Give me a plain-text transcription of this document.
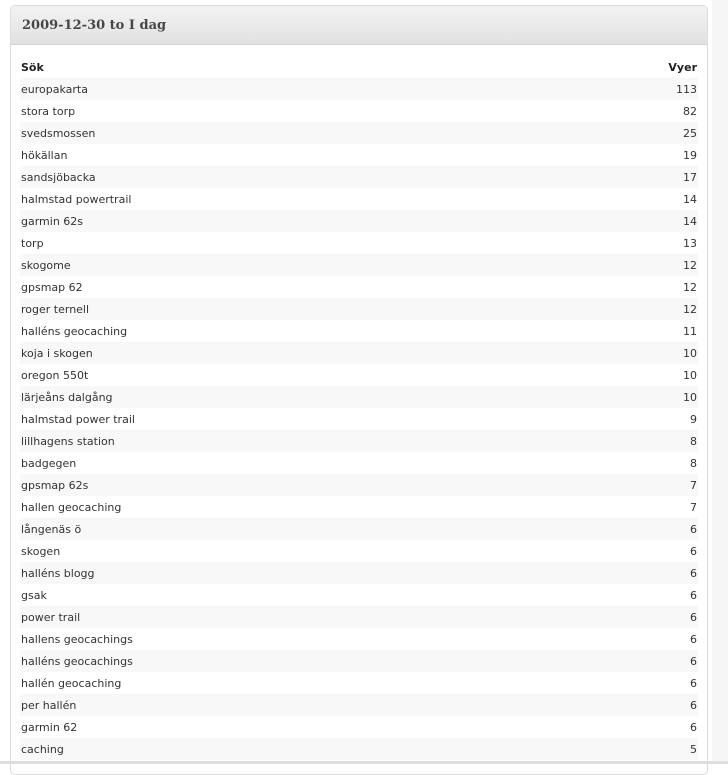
2009-12-30 to I dag
Sök	Vyer
europakarta	113
stora torp	82
svedsmossen	25
hökällan	19
sandsjöbacka	17
halmstad powertrail	14
garmin 62s	14
torp	13
skogome	12
gpsmap 62	12
roger ternell	12
halléns geocaching	11
koja i skogen	10
oregon 550t	10
lärjeåns dalgång	10
halmstad power trail	9
lillhagens station	8
badgegen	8
gpsmap 62s	7
hallen geocaching	7
långenäs ö	6
skogen	6
halléns blogg	6
gsak	6
power trail	6
hallens geocachings	6
halléns geocachings	6
hallén geocaching	6
per hallén	6
garmin 62	6
caching	5
